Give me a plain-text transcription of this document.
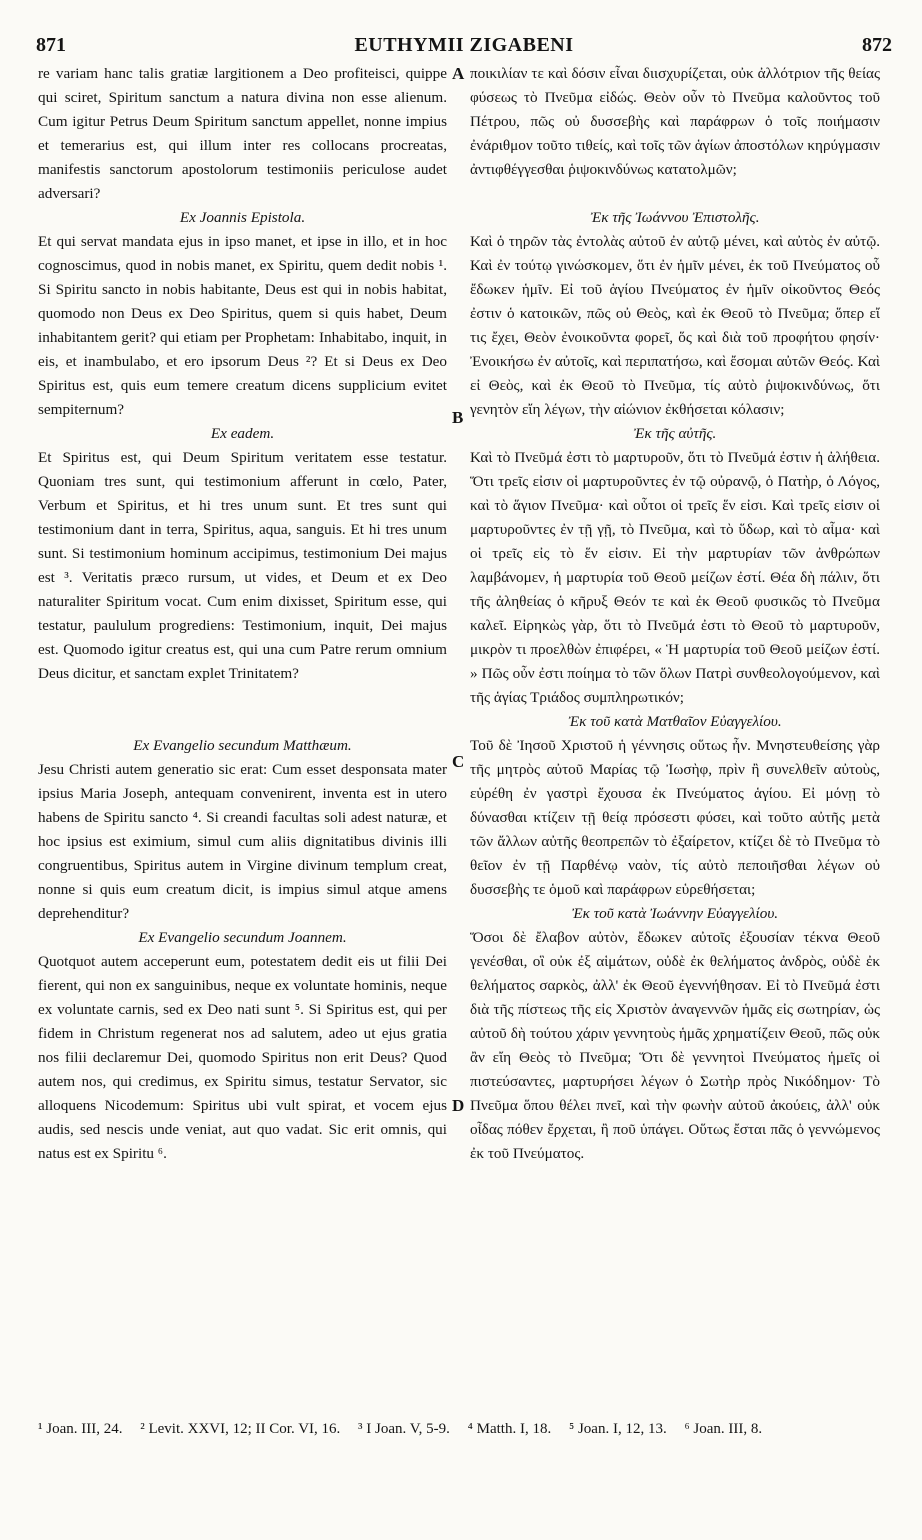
871	EUTHYMII ZIGABENI	872

re variam hanc talis gratiæ largitionem a Deo profiteisci, quippe qui sciret, Spiritum sanctum a natura divina non esse alienum. Cum igitur Petrus Deum Spiritum sanctum appellet, nonne impius et temerarius est, qui illum inter res collocans procreatas, manifestis sanctorum apostolorum testimoniis periculose audet adversari?

Ex Joannis Epistola.

Et qui servat mandata ejus in ipso manet, et ipse in illo, et in hoc cognoscimus, quod in nobis manet, ex Spiritu, quem dedit nobis ¹. Si Spiritu sancto in nobis habitante, Deus est qui in nobis habitat, quomodo non Deus ex Deo Spiritus, quem si quis habet, Deum inhabitantem gerit? qui etiam per Prophetam: Inhabitabo, inquit, in eis, et inambulabo, et ero ipsorum Deus ²? Et si Deus ex Deo Spiritus est, quis eum temere creatum dicens supplicium evitet sempiternum?

Ex eadem.

Et Spiritus est, qui Deum Spiritum veritatem esse testatur. Quoniam tres sunt, qui testimonium afferunt in cœlo, Pater, Verbum et Spiritus, et hi tres unum sunt. Et tres sunt qui testimonium dant in terra, Spiritus, aqua, sanguis. Et hi tres unum sunt. Si testimonium hominum accipimus, testimonium Dei majus est ³. Veritatis præco rursum, ut vides, et Deum et ex Deo naturaliter Spiritum vocat. Cum enim dixisset, Spiritum esse, qui testatur, paululum progrediens: Testimonium, inquit, Dei majus est. Quomodo igitur creatus est, qui una cum Patre rerum omnium Deus dicitur, et sanctam explet Trinitatem?

Ex Evangelio secundum Matthæum.

Jesu Christi autem generatio sic erat: Cum esset desponsata mater ipsius Maria Joseph, antequam convenirent, inventa est in utero habens de Spiritu sancto ⁴. Si creandi facultas soli adest naturæ, et hoc ipsius est eximium, simul cum aliis dignitatibus divinis illi congruentibus, Spiritus autem in Virgine divinum templum creat, nonne si quis eum creatum dicit, is impius simul atque amens deprehenditur?

Ex Evangelio secundum Joannem.

Quotquot autem acceperunt eum, potestatem dedit eis ut filii Dei fierent, qui non ex sanguinibus, neque ex voluntate hominis, neque ex voluntate carnis, sed ex Deo nati sunt ⁵. Si Spiritus est, qui per fidem in Christum regenerat nos ad salutem, adeo ut ejus gratia nos filii declaremur Dei, quomodo Spiritus non erit Deus? Quod autem nos, qui credimus, ex Spiritu simus, testatur Servator, sic alloquens Nicodemum: Spiritus ubi vult spirat, et vocem ejus audis, sed nescis unde veniat, aut quo vadat. Sic erit omnis, qui natus est ex Spiritu ⁶.

A
B
C
D

ποικιλίαν τε καὶ δόσιν εἶναι διισχυρίζεται, οὐκ ἀλλότριον τῆς θείας φύσεως τὸ Πνεῦμα εἰδώς. Θεὸν οὖν τὸ Πνεῦμα καλοῦντος τοῦ Πέτρου, πῶς οὐ δυσσεβὴς καὶ παράφρων ὁ τοῖς ποιήμασιν ἐνάριθμον τοῦτο τιθείς, καὶ τοῖς τῶν ἁγίων ἀποστόλων κηρύγμασιν ἀντιφθέγγεσθαι ῥιψοκινδύνως κατατολμῶν;

Ἐκ τῆς Ἰωάννου Ἐπιστολῆς.

Καὶ ὁ τηρῶν τὰς ἐντολὰς αὐτοῦ ἐν αὐτῷ μένει, καὶ αὐτὸς ἐν αὐτῷ. Καὶ ἐν τούτῳ γινώσκομεν, ὅτι ἐν ἡμῖν μένει, ἐκ τοῦ Πνεύματος οὗ ἔδωκεν ἡμῖν. Εἰ τοῦ ἁγίου Πνεύματος ἐν ἡμῖν οἰκοῦντος Θεός ἐστιν ὁ κατοικῶν, πῶς οὐ Θεὸς, καὶ ἐκ Θεοῦ τὸ Πνεῦμα; ὅπερ εἴ τις ἔχει, Θεὸν ἐνοικοῦντα φορεῖ, ὅς καὶ διὰ τοῦ προφήτου φησίν· Ἐνοικήσω ἐν αὐτοῖς, καὶ περιπατήσω, καὶ ἔσομαι αὐτῶν Θεός. Καὶ εἰ Θεὸς, καὶ ἐκ Θεοῦ τὸ Πνεῦμα, τίς αὐτὸ ῥιψοκινδύνως, ὅτι γενητὸν εἴη λέγων, τὴν αἰώνιον ἐκθήσεται κόλασιν;

Ἐκ τῆς αὐτῆς.

Καὶ τὸ Πνεῦμά ἐστι τὸ μαρτυροῦν, ὅτι τὸ Πνεῦμά ἐστιν ἡ ἀλήθεια. Ὅτι τρεῖς εἰσιν οἱ μαρτυροῦντες ἐν τῷ οὐρανῷ, ὁ Πατὴρ, ὁ Λόγος, καὶ τὸ ἅγιον Πνεῦμα· καὶ οὗτοι οἱ τρεῖς ἕν εἰσι. Καὶ τρεῖς εἰσιν οἱ μαρτυροῦντες ἐν τῇ γῇ, τὸ Πνεῦμα, καὶ τὸ ὕδωρ, καὶ τὸ αἷμα· καὶ οἱ τρεῖς εἰς τὸ ἕν εἰσιν. Εἰ τὴν μαρτυρίαν τῶν ἀνθρώπων λαμβάνομεν, ἡ μαρτυρία τοῦ Θεοῦ μείζων ἐστί. Θέα δὴ πάλιν, ὅτι τῆς ἀληθείας ὁ κῆρυξ Θεόν τε καὶ ἐκ Θεοῦ φυσικῶς τὸ Πνεῦμα καλεῖ. Εἰρηκὼς γὰρ, ὅτι τὸ Πνεῦμά ἐστι τὸ Θεοῦ τὸ μαρτυροῦν, μικρὸν τι προελθὼν ἐπιφέρει, « Ἡ μαρτυρία τοῦ Θεοῦ μείζων ἐστί. » Πῶς οὖν ἐστι ποίημα τὸ τῶν ὅλων Πατρὶ συνθεολογούμενον, καὶ τῆς ἁγίας Τριάδος συμπληρωτικόν;

Ἐκ τοῦ κατὰ Ματθαῖον Εὐαγγελίου.

Τοῦ δὲ Ἰησοῦ Χριστοῦ ἡ γέννησις οὕτως ἦν. Μνηστευθείσης γὰρ τῆς μητρὸς αὐτοῦ Μαρίας τῷ Ἰωσὴφ, πρὶν ἢ συνελθεῖν αὐτοὺς, εὑρέθη ἐν γαστρὶ ἔχουσα ἐκ Πνεύματος ἁγίου. Εἰ μόνῃ τὸ δύνασθαι κτίζειν τῇ θείᾳ πρόσεστι φύσει, καὶ τοῦτο αὐτῆς μετὰ τῶν ἄλλων αὐτῆς θεοπρεπῶν τὸ ἐξαίρετον, κτίζει δὲ τὸ Πνεῦμα τὸ θεῖον ἐν τῇ Παρθένῳ ναὸν, τίς αὐτὸ πεποιῆσθαι λέγων οὐ δυσσεβὴς τε ὁμοῦ καὶ παράφρων εὑρεθήσεται;

Ἐκ τοῦ κατὰ Ἰωάννην Εὐαγγελίου.

Ὅσοι δὲ ἔλαβον αὐτὸν, ἔδωκεν αὐτοῖς ἐξουσίαν τέκνα Θεοῦ γενέσθαι, οἳ οὐκ ἐξ αἱμάτων, οὐδὲ ἐκ θελήματος ἀνδρὸς, οὐδὲ ἐκ θελήματος σαρκὸς, ἀλλ' ἐκ Θεοῦ ἐγεννήθησαν. Εἰ τὸ Πνεῦμά ἐστι διὰ τῆς πίστεως τῆς εἰς Χριστὸν ἀναγεννῶν ἡμᾶς εἰς σωτηρίαν, ὡς αὐτοῦ δὴ τούτου χάριν γεννητοὺς ἡμᾶς χρηματίζειν Θεοῦ, πῶς οὐκ ἂν εἴη Θεὸς τὸ Πνεῦμα; Ὅτι δὲ γεννητοὶ Πνεύματος ἡμεῖς οἱ πιστεύσαντες, μαρτυρήσει λέγων ὁ Σωτὴρ πρὸς Νικόδημον· Τὸ Πνεῦμα ὅπου θέλει πνεῖ, καὶ τὴν φωνὴν αὐτοῦ ἀκούεις, ἀλλ' οὐκ οἶδας πόθεν ἔρχεται, ἢ ποῦ ὑπάγει. Οὕτως ἔσται πᾶς ὁ γεννώμενος ἐκ τοῦ Πνεύματος.

¹ Joan. III, 24. ² Levit. XXVI, 12; II Cor. VI, 16. ³ I Joan. V, 5-9. ⁴ Matth. I, 18. ⁵ Joan. I, 12, 13. ⁶ Joan. III, 8.
